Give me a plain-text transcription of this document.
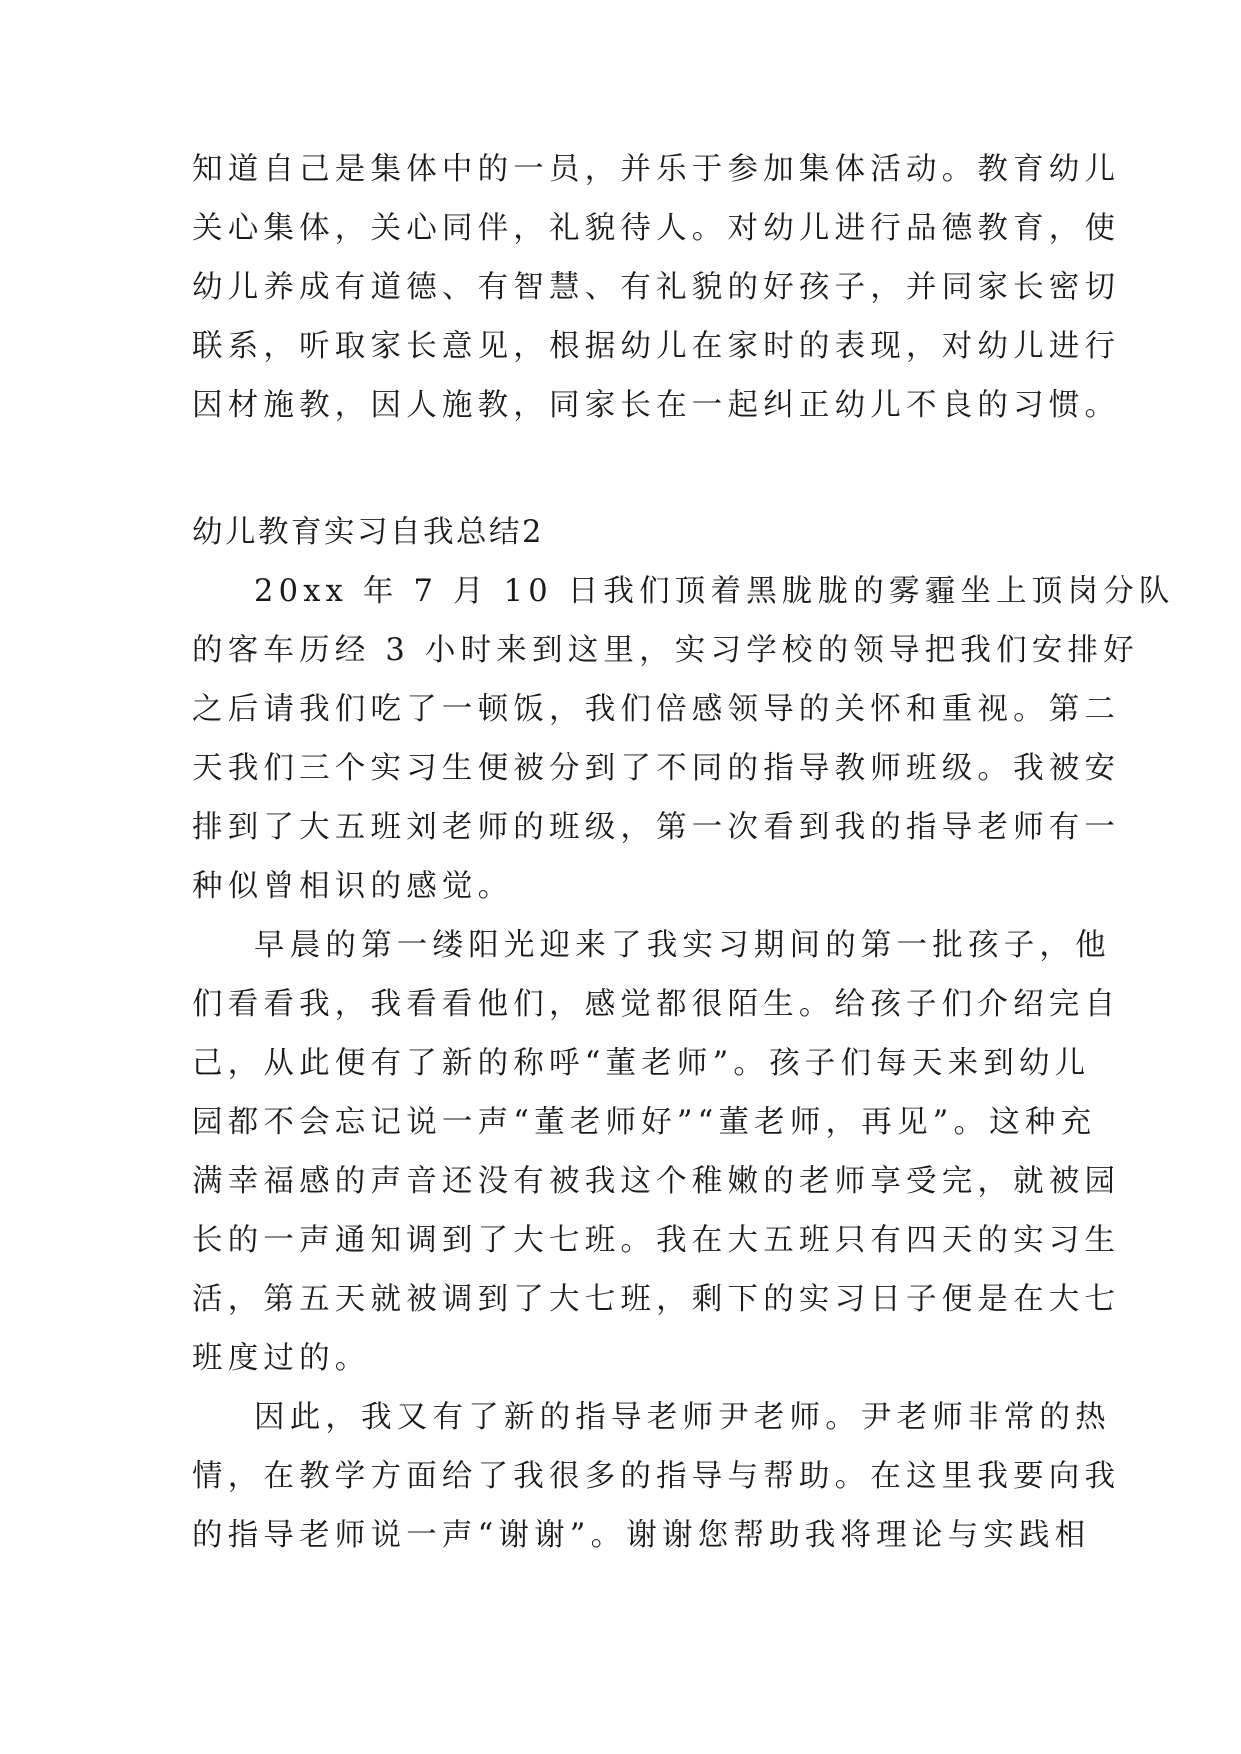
知道自己是集体中的一员，并乐于参加集体活动。教育幼儿
关心集体，关心同伴，礼貌待人。对幼儿进行品德教育，使
幼儿养成有道德、有智慧、有礼貌的好孩子，并同家长密切
联系，听取家长意见，根据幼儿在家时的表现，对幼儿进行
因材施教，因人施教，同家长在一起纠正幼儿不良的习惯。
幼儿教育实习自我总结2
20xx 年 7 月 10 日我们顶着黑胧胧的雾霾坐上顶岗分队
的客车历经 3 小时来到这里，实习学校的领导把我们安排好
之后请我们吃了一顿饭，我们倍感领导的关怀和重视。第二
天我们三个实习生便被分到了不同的指导教师班级。我被安
排到了大五班刘老师的班级，第一次看到我的指导老师有一
种似曾相识的感觉。
早晨的第一缕阳光迎来了我实习期间的第一批孩子，他
们看看我，我看看他们，感觉都很陌生。给孩子们介绍完自
己，从此便有了新的称呼“董老师”。孩子们每天来到幼儿
园都不会忘记说一声“董老师好”“董老师，再见”。这种充
满幸福感的声音还没有被我这个稚嫩的老师享受完，就被园
长的一声通知调到了大七班。我在大五班只有四天的实习生
活，第五天就被调到了大七班，剩下的实习日子便是在大七
班度过的。
因此，我又有了新的指导老师尹老师。尹老师非常的热
情，在教学方面给了我很多的指导与帮助。在这里我要向我
的指导老师说一声“谢谢”。谢谢您帮助我将理论与实践相
